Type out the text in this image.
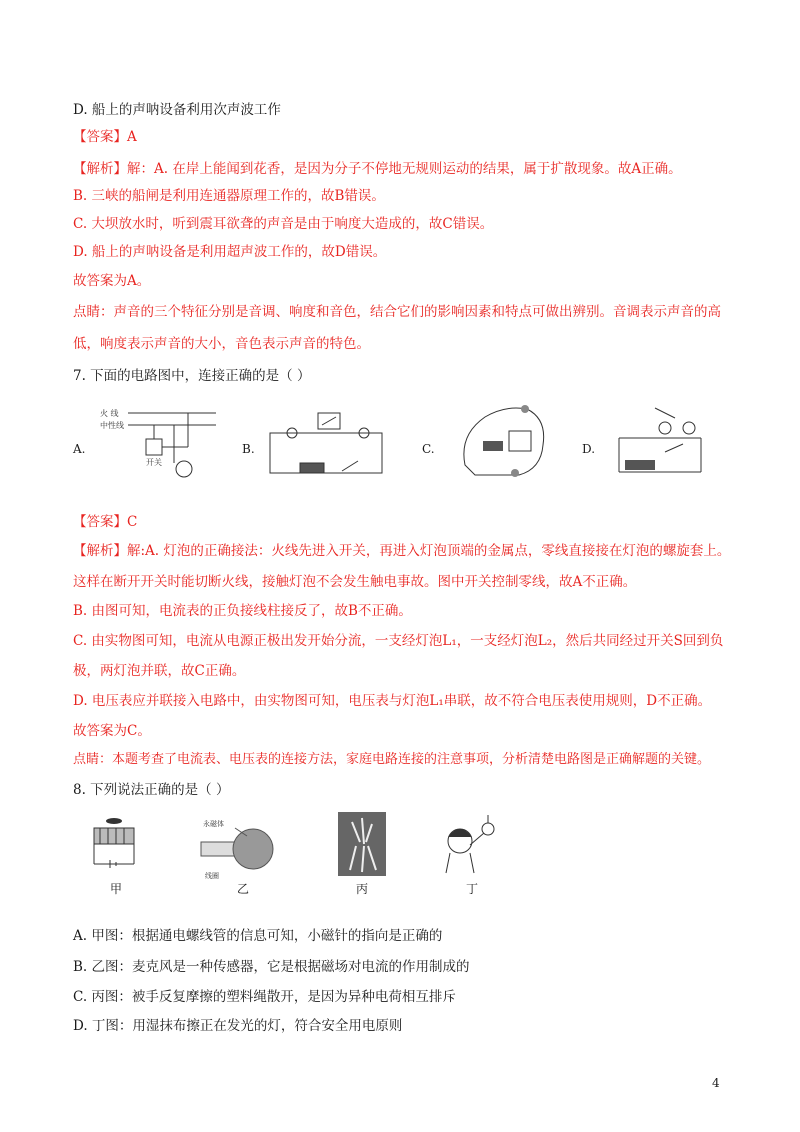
D. 船上的声呐设备利用次声波工作
【答案】A
【解析】解：A. 在岸上能闻到花香，是因为分子不停地无规则运动的结果，属于扩散现象。故A正确。
B. 三峡的船闸是利用连通器原理工作的，故B错误。
C. 大坝放水时，听到震耳欲聋的声音是由于响度大造成的，故C错误。
D. 船上的声呐设备是利用超声波工作的，故D错误。
故答案为A。
点睛：声音的三个特征分别是音调、响度和音色，结合它们的影响因素和特点可做出辨别。音调表示声音的高
低，响度表示声音的大小，音色表示声音的特色。
7. 下面的电路图中，连接正确的是（ ）
A.
火 线
中性线
开关
B.	C.	D.
【答案】C
【解析】解:A. 灯泡的正确接法：火线先进入开关，再进入灯泡顶端的金属点，零线直接接在灯泡的螺旋套上。
这样在断开开关时能切断火线，接触灯泡不会发生触电事故。图中开关控制零线，故A不正确。
B. 由图可知，电流表的正负接线柱接反了，故B不正确。
C. 由实物图可知，电流从电源正极出发开始分流，一支经灯泡L₁，一支经灯泡L₂，然后共同经过开关S回到负
极，两灯泡并联，故C正确。
D. 电压表应并联接入电路中，由实物图可知，电压表与灯泡L₁串联，故不符合电压表使用规则，D不正确。
故答案为C。
点睛：本题考查了电流表、电压表的连接方法，家庭电路连接的注意事项，分析清楚电路图是正确解题的关键。
8. 下列说法正确的是（ ）
甲
永磁体
线圈
乙	丙	丁
A. 甲图：根据通电螺线管的信息可知，小磁针的指向是正确的
B. 乙图：麦克风是一种传感器，它是根据磁场对电流的作用制成的
C. 丙图：被手反复摩擦的塑料绳散开，是因为异种电荷相互排斥
D. 丁图：用湿抹布擦正在发光的灯，符合安全用电原则
4
